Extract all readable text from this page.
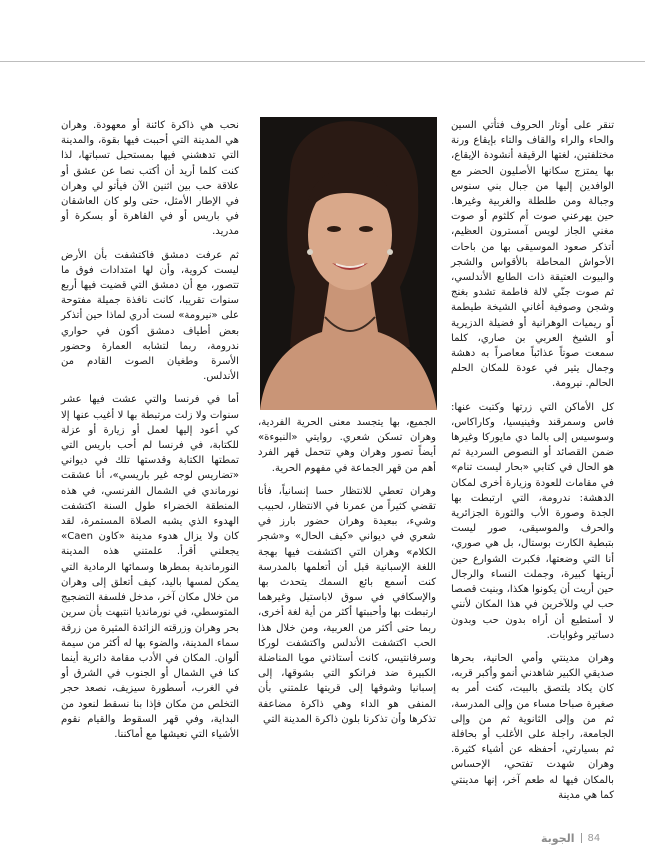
تنقر على أوتار الحروف فتأتي السين والحاء والراء والقاف والتاء بإيقاع ورنة مختلفتين، لغتها الرقيقة أنشودة الإيقاع، بها يمتزج سكانها الأصليون الحضر مع الوافدين إليها من جبال بني سنوس وجبالة ومن طلطلة والغربية وغيرها. حين يهرعني صوت أم كلثوم أو صوت مغني الجاز لويس آمسترون العظيم، أتذكر صعود الموسيقى بها من باحات الأحواش المحاطة بالأقواس والشجر والبيوت العتيقة ذات الطابع الأندلسي، ثم صوت جنّي لالة فاطمة تشدو بغنج وشجن وصوفية أغاني الشيخة طيطمة أو ريميات الوهرانية أو فضيلة الدزيرية أو الشيخ العربي بن صاري، كلما سمعت صوتاً عذائباً معاصراً به دهشة وجمال يثير في عودة للمكان الحلم الحالم. نيرومة.

كل الأماكن التي زرتها وكتبت عنها: فاس وسمرقند وفينيسيا، وكاراكاس، وسوسيس إلى بالما دي مايوركا وغيرها ضمن القصائد أو النصوص السردية ثم هو الحال في كتابي «بحار ليست تنام» في مقامات للعودة وزيارة أخرى لمكان الدهشة: ندرومة، التي ارتبطت بها الجدة وصورة الأب والثورة الجزائرية والحرف والموسيقى، صور ليست بتبطية الكارت بوستال، بل هي صوري، أنا التي وضعتها، فكبرت الشوارع حين أريتها كبيرة، وجملت النساء والرجال حين أريت أن يكونوا هكذا، وبنيت قصصا حب لي وللآخرين في هذا المكان لأنني لا أستطيع أن أراه بدون حب وبدون دساتير وغوايات.

وهران مدينتي وأمي الحانية، بحرها صديقي الكبير شاهدني أنمو وأكبر قربه، كان يكاد يلتصق بالبيت، كنت أمر به صغيرة صباحا مساء من وإلى المدرسة، ثم من وإلى الثانوية ثم من وإلى الجامعة، راجلة على الأغلب أو بحافلة ثم بسيارتي، أحفظه عن أشياء كثيرة. وهران شهدت تفتحي، الإحساس بالمكان فيها له طعم آخر، إنها مدينتي كما هي مدينة

الجميع، بها يتجسد معنى الحرية الفردية، وهران تسكن شعري. روايتي «النبوءة» أيضاً تصور وهران وهي تتحمل قهر الفرد أهم من قهر الجماعة في مفهوم الحرية.

وهران تعطي للانتظار حسا إنسانياً، فأنا تقضي كثيراً من عمرنا في الانتظار، لحبيب وشيء، ببعيدة وهران حضور بارز في شعري في ديواني «كيف الحال» و«شجر الكلام» وهران التي اكتشفت فيها بهجة اللغة الإسبانية قبل أن أتعلمها بالمدرسة كنت أسمع بائع السمك يتحدث بها والإسكافي في سوق لاباستيل وغيرهما ارتبطت بها وأحببتها أكثر من أية لغة أخرى، ربما حتى أكثر من العربية، ومن خلال هذا الحب اكتشفت الأندلس واكتشفت لوركا وسرفانتيس، كانت أستاذتي مويا المناضلة الكبيرة ضد فرانكو التي بشوقها، إلى إسبانيا وشوقها إلى قريتها علمتني بأن المنفى هو الداء وهي ذاكرة مضاعفة تذكرها وأن تذكرنا بلون ذاكرة المدينة التي

نحب هي ذاكرة كائنة أو معهودة. وهران هي المدينة التي أحببت فيها بقوة، والمدينة التي تدهشني فيها بمستحيل تسباتها، لذا كنت كلما أريد أن أكتب نصا عن عشق أو علاقة حب بين اثنين الآن فيأتو لي وهران في الإطار الأمثل، حتى ولو كان العاشقان في باريس أو في القاهرة أو بسكرة أو مدريد.

ثم عرفت دمشق فاكتشفت بأن الأرض ليست كروية، وأن لها امتدادات فوق ما تتصور، مع أن دمشق التي قضيت فيها أربع سنوات تقريبا، كانت نافذة جميلة مفتوحة على «نيرومة» لست أدري لماذا حين أتذكر بعض أطياف دمشق أكون في حواري ندرومة، ربما لتشابه العمارة وحضور الأسرة وطغيان الصوت القادم من الأندلس.

أما في فرنسا والتي عشت فيها عشر سنوات ولا زلت مرتبطة بها لا أغيب عنها إلا كي أعود إليها لعمل أو زيارة أو عزلة للكتابة، في فرنسا لم أحب باريس التي تمطتها الكتابة وقدستها تلك في ديواني «تضاريس لوجه غير باريسي»، أنا عشقت نورماندي في الشمال الفرنسي، في هذه المنطقة الخضراء طول السنة اكتشفت الهدوء الذي يشبه الصلاة المستمرة، لقد كان ولا يزال هدوء مدينة «كاون Caen» يجعلني أقرأ. علمتني هذه المدينة النورماندية بمطرها وسمائها الرمادية التي يمكن لمسها باليد، كيف أتعلق إلى وهران من خلال مكان آخر، مدخل فلسفة التضجيج المتوسطي، في نورمانديا انتبهت بأن سرين بحر وهران وزرقته الزائدة المثيرة من زرقة سماء المدينة، والضوء بها له أكثر من سيمة ألوان. المكان في الأدب مقامة دائرية أينما كنا في الشمال أو الجنوب في الشرق أو في الغرب، أسطورة سيزيف، نصعد حجر التخلص من مكان فإذا بنا نسقط لنعود من البداية، وفي قهر السقوط والقيام نقوم الأشياء التي نعيشها مع أماكننا.

الجوبة 84
